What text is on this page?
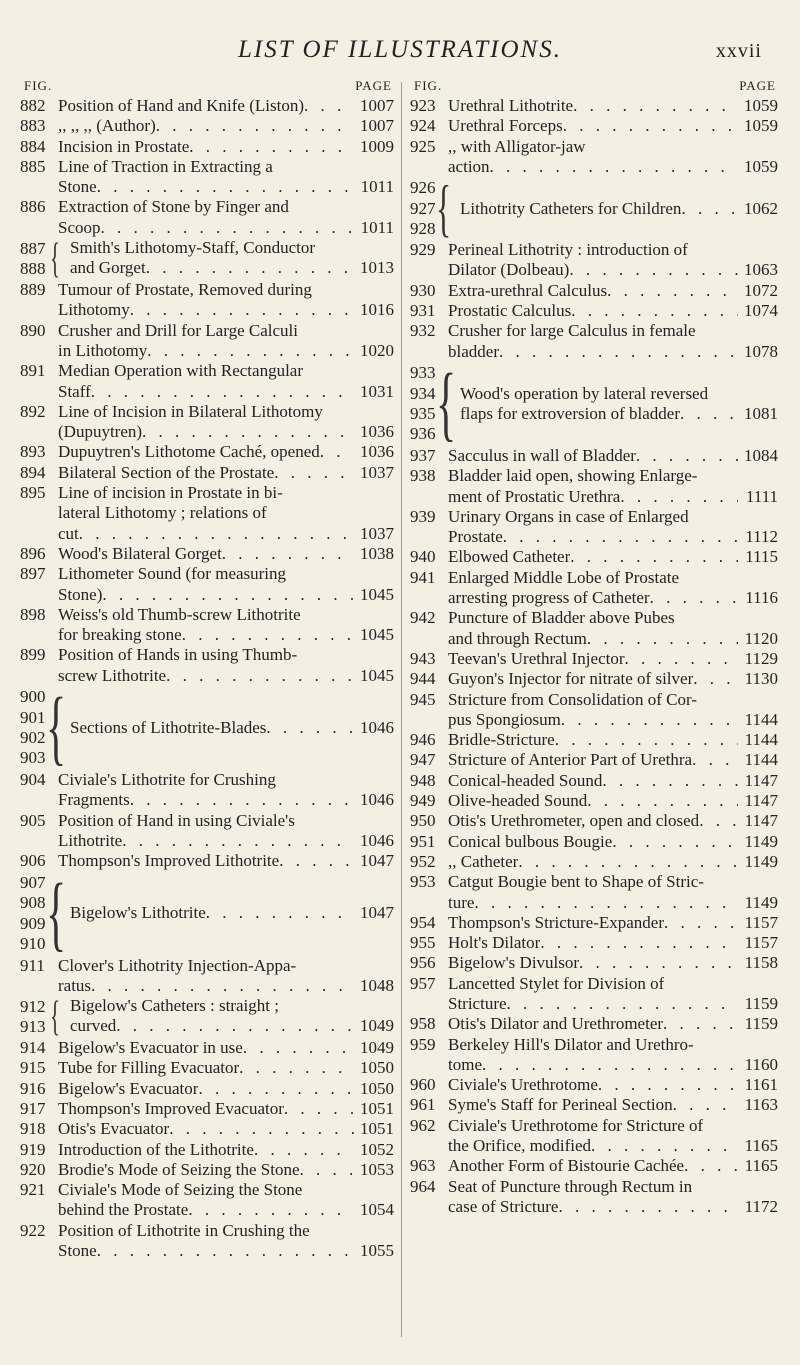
LIST OF ILLUSTRATIONS.	xxvii
FIG.	PAGE
882 Position of Hand and Knife (Liston) . . .	1007
883 ,, ,, ,, (Author) . . .	1007
884 Incision in Prostate . . .	1009
885 Line of Traction in Extracting a
Stone . . .	1011
886 Extraction of Stone by Finger and
Scoop . . .	1011
887
888 { Smith's Lithotomy-Staff, Conductor
and Gorget . . .	1013
889 Tumour of Prostate, Removed during
Lithotomy . . .	1016
890 Crusher and Drill for Large Calculi
in Lithotomy . . .	1020
891 Median Operation with Rectangular
Staff . . .	1031
892 Line of Incision in Bilateral Lithotomy
(Dupuytren) . . .	1036
893 Dupuytren's Lithotome Caché, opened . . .	1036
894 Bilateral Section of the Prostate . . .	1037
895 Line of incision in Prostate in bi-
lateral Lithotomy ; relations of
cut . . .	1037
896 Wood's Bilateral Gorget . . .	1038
897 Lithometer Sound (for measuring
Stone) . . .	1045
898 Weiss's old Thumb-screw Lithotrite
for breaking stone . . .	1045
899 Position of Hands in using Thumb-
screw Lithotrite . . .	1045
900
901
902
903 { Sections of Lithotrite-Blades . . .	1046
904 Civiale's Lithotrite for Crushing
Fragments . . .	1046
905 Position of Hand in using Civiale's
Lithotrite . . .	1046
906 Thompson's Improved Lithotrite . . .	1047
907
908
909
910 { Bigelow's Lithotrite . . .	1047
911 Clover's Lithotrity Injection-Appa-
ratus . . .	1048
912
913 { Bigelow's Catheters : straight ;
curved . . .	1049
914 Bigelow's Evacuator in use . . .	1049
915 Tube for Filling Evacuator . . .	1050
916 Bigelow's Evacuator . . .	1050
917 Thompson's Improved Evacuator . . .	1051
918 Otis's Evacuator . . .	1051
919 Introduction of the Lithotrite . . .	1052
920 Brodie's Mode of Seizing the Stone . . .	1053
921 Civiale's Mode of Seizing the Stone
behind the Prostate . . .	1054
922 Position of Lithotrite in Crushing the
Stone . . .	1055
FIG.	PAGE
923 Urethral Lithotrite . . .	1059
924 Urethral Forceps . . .	1059
925 ,, with Alligator-jaw
action . . .	1059
926
927
928 { Lithotrity Catheters for Children . . .	1062
929 Perineal Lithotrity : introduction of
Dilator (Dolbeau) . . .	1063
930 Extra-urethral Calculus . . .	1072
931 Prostatic Calculus . . .	1074
932 Crusher for large Calculus in female
bladder . . .	1078
933
934
935
936 { Wood's operation by lateral reversed
flaps for extroversion of bladder . . .	1081
937 Sacculus in wall of Bladder . . .	1084
938 Bladder laid open, showing Enlarge-
ment of Prostatic Urethra . . .	1111
939 Urinary Organs in case of Enlarged
Prostate . . .	1112
940 Elbowed Catheter . . .	1115
941 Enlarged Middle Lobe of Prostate
arresting progress of Catheter . . .	1116
942 Puncture of Bladder above Pubes
and through Rectum . . .	1120
943 Teevan's Urethral Injector . . .	1129
944 Guyon's Injector for nitrate of silver . . .	1130
945 Stricture from Consolidation of Cor-
pus Spongiosum . . .	1144
946 Bridle-Stricture . . .	1144
947 Stricture of Anterior Part of Urethra . . .	1144
948 Conical-headed Sound . . .	1147
949 Olive-headed Sound . . .	1147
950 Otis's Urethrometer, open and closed . . .	1147
951 Conical bulbous Bougie . . .	1149
952 ,, Catheter . . .	1149
953 Catgut Bougie bent to Shape of Stric-
ture . . .	1149
954 Thompson's Stricture-Expander . . .	1157
955 Holt's Dilator . . .	1157
956 Bigelow's Divulsor . . .	1158
957 Lancetted Stylet for Division of
Stricture . . .	1159
958 Otis's Dilator and Urethrometer . . .	1159
959 Berkeley Hill's Dilator and Urethro-
tome . . .	1160
960 Civiale's Urethrotome . . .	1161
961 Syme's Staff for Perineal Section . . .	1163
962 Civiale's Urethrotome for Stricture of
the Orifice, modified . . .	1165
963 Another Form of Bistourie Cachée . . .	1165
964 Seat of Puncture through Rectum in
case of Stricture . . .	1172
